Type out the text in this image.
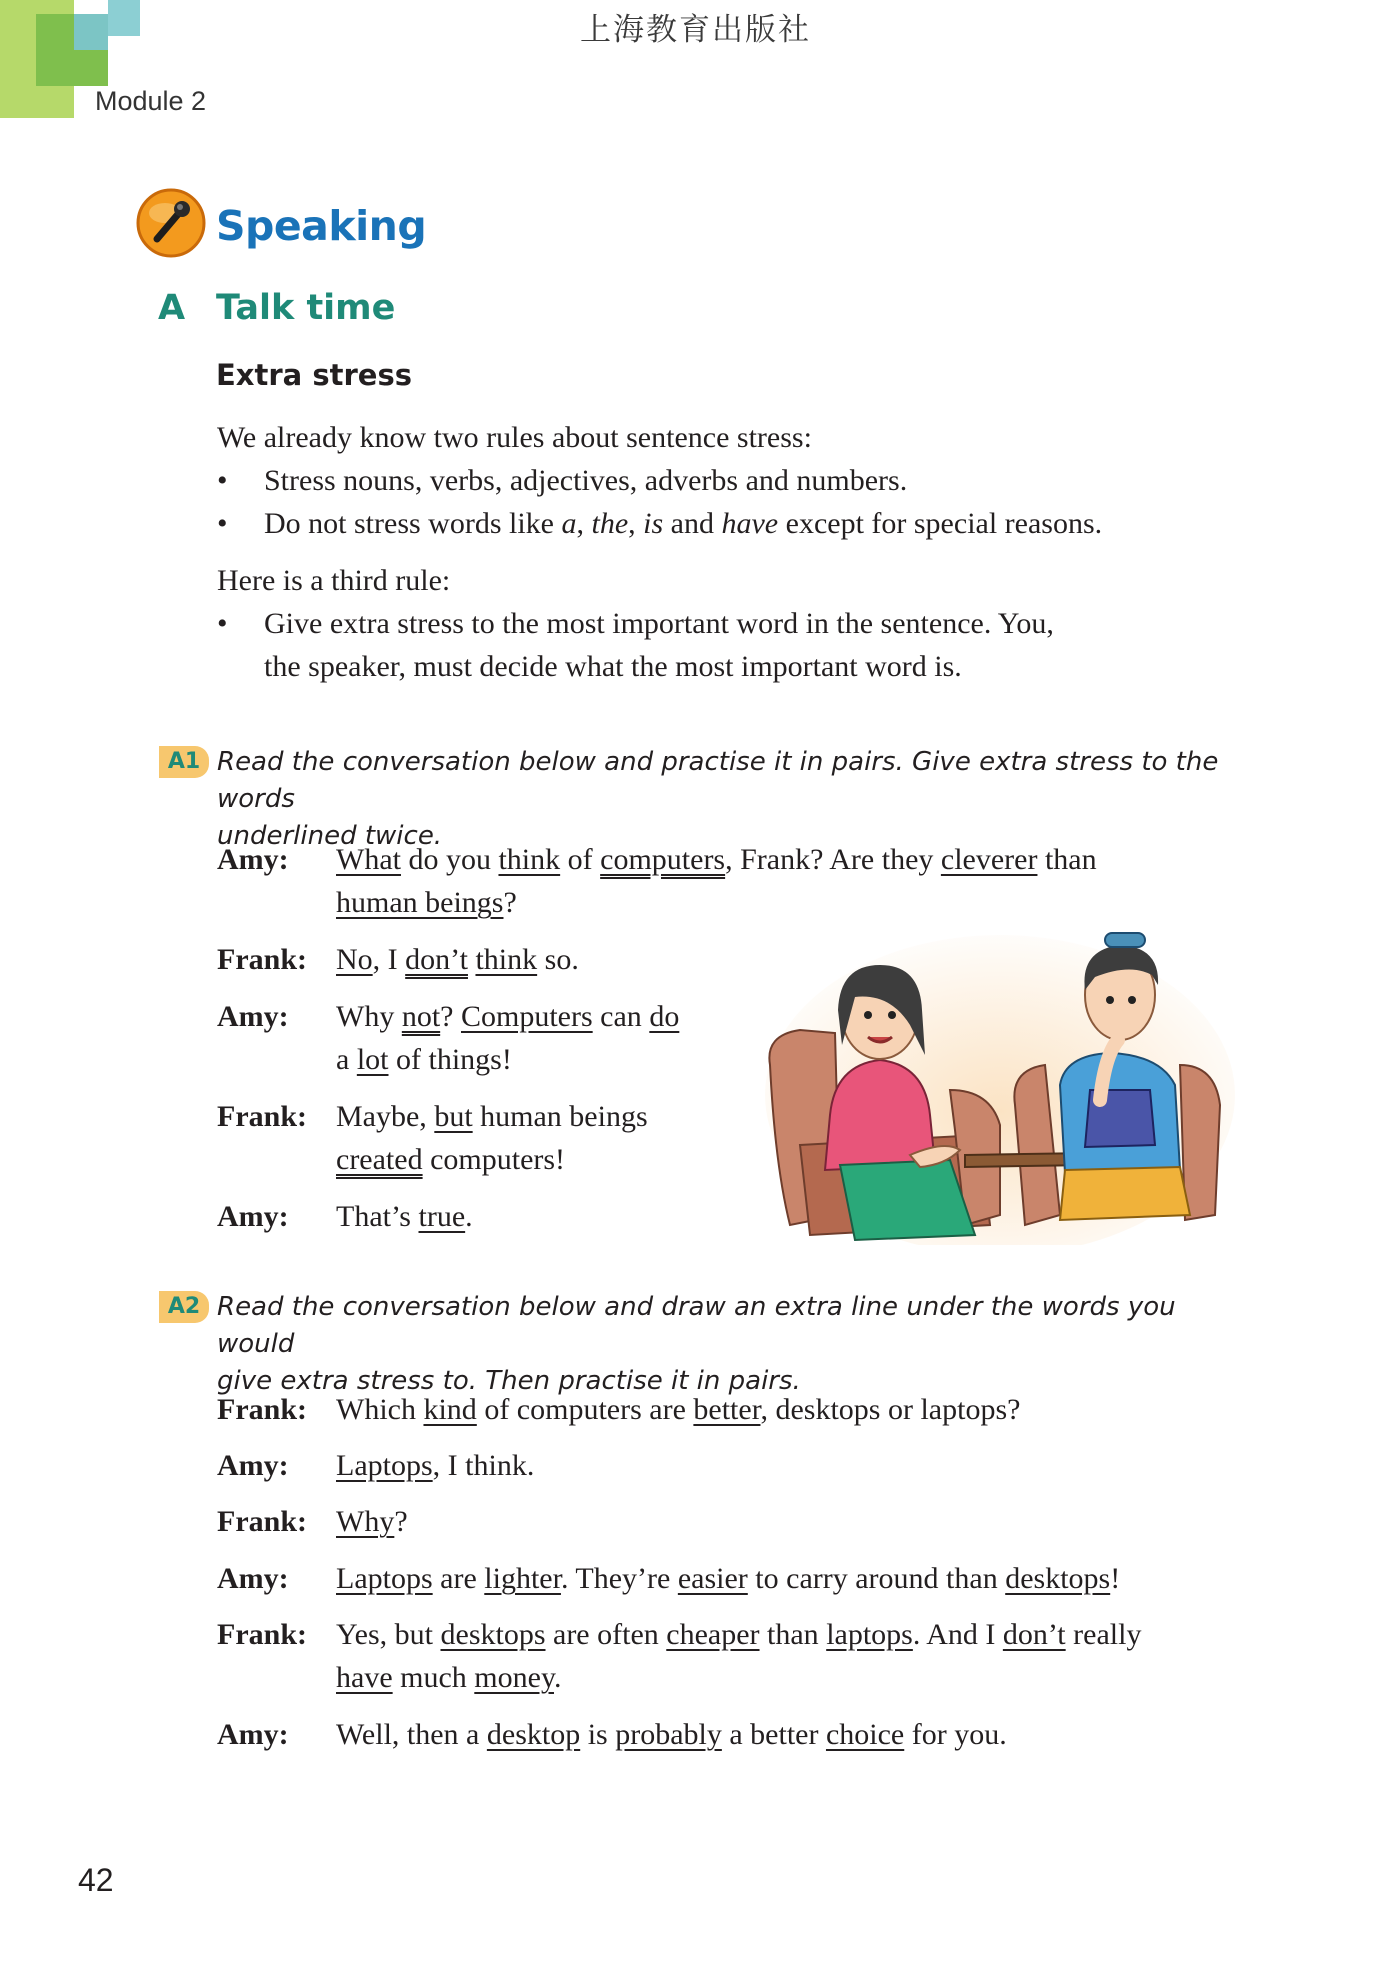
上海教育出版社
Module 2
Speaking
A Talk time
Extra stress
We already know two rules about sentence stress:
• Stress nouns, verbs, adjectives, adverbs and numbers.
• Do not stress words like a, the, is and have except for special reasons.
Here is a third rule:
• Give extra stress to the most important word in the sentence. You,
the speaker, must decide what the most important word is.
A1 Read the conversation below and practise it in pairs. Give extra stress to the words
underlined twice.
Amy: What do you think of computers, Frank? Are they cleverer than
human beings?
Frank: No, I don’t think so.
Amy: Why not? Computers can do
a lot of things!
Frank: Maybe, but human beings
created computers!
Amy: That’s true.
A2 Read the conversation below and draw an extra line under the words you would
give extra stress to. Then practise it in pairs.
Frank: Which kind of computers are better, desktops or laptops?
Amy: Laptops, I think.
Frank: Why?
Amy: Laptops are lighter. They’re easier to carry around than desktops!
Frank: Yes, but desktops are often cheaper than laptops. And I don’t really
have much money.
Amy: Well, then a desktop is probably a better choice for you.
42
